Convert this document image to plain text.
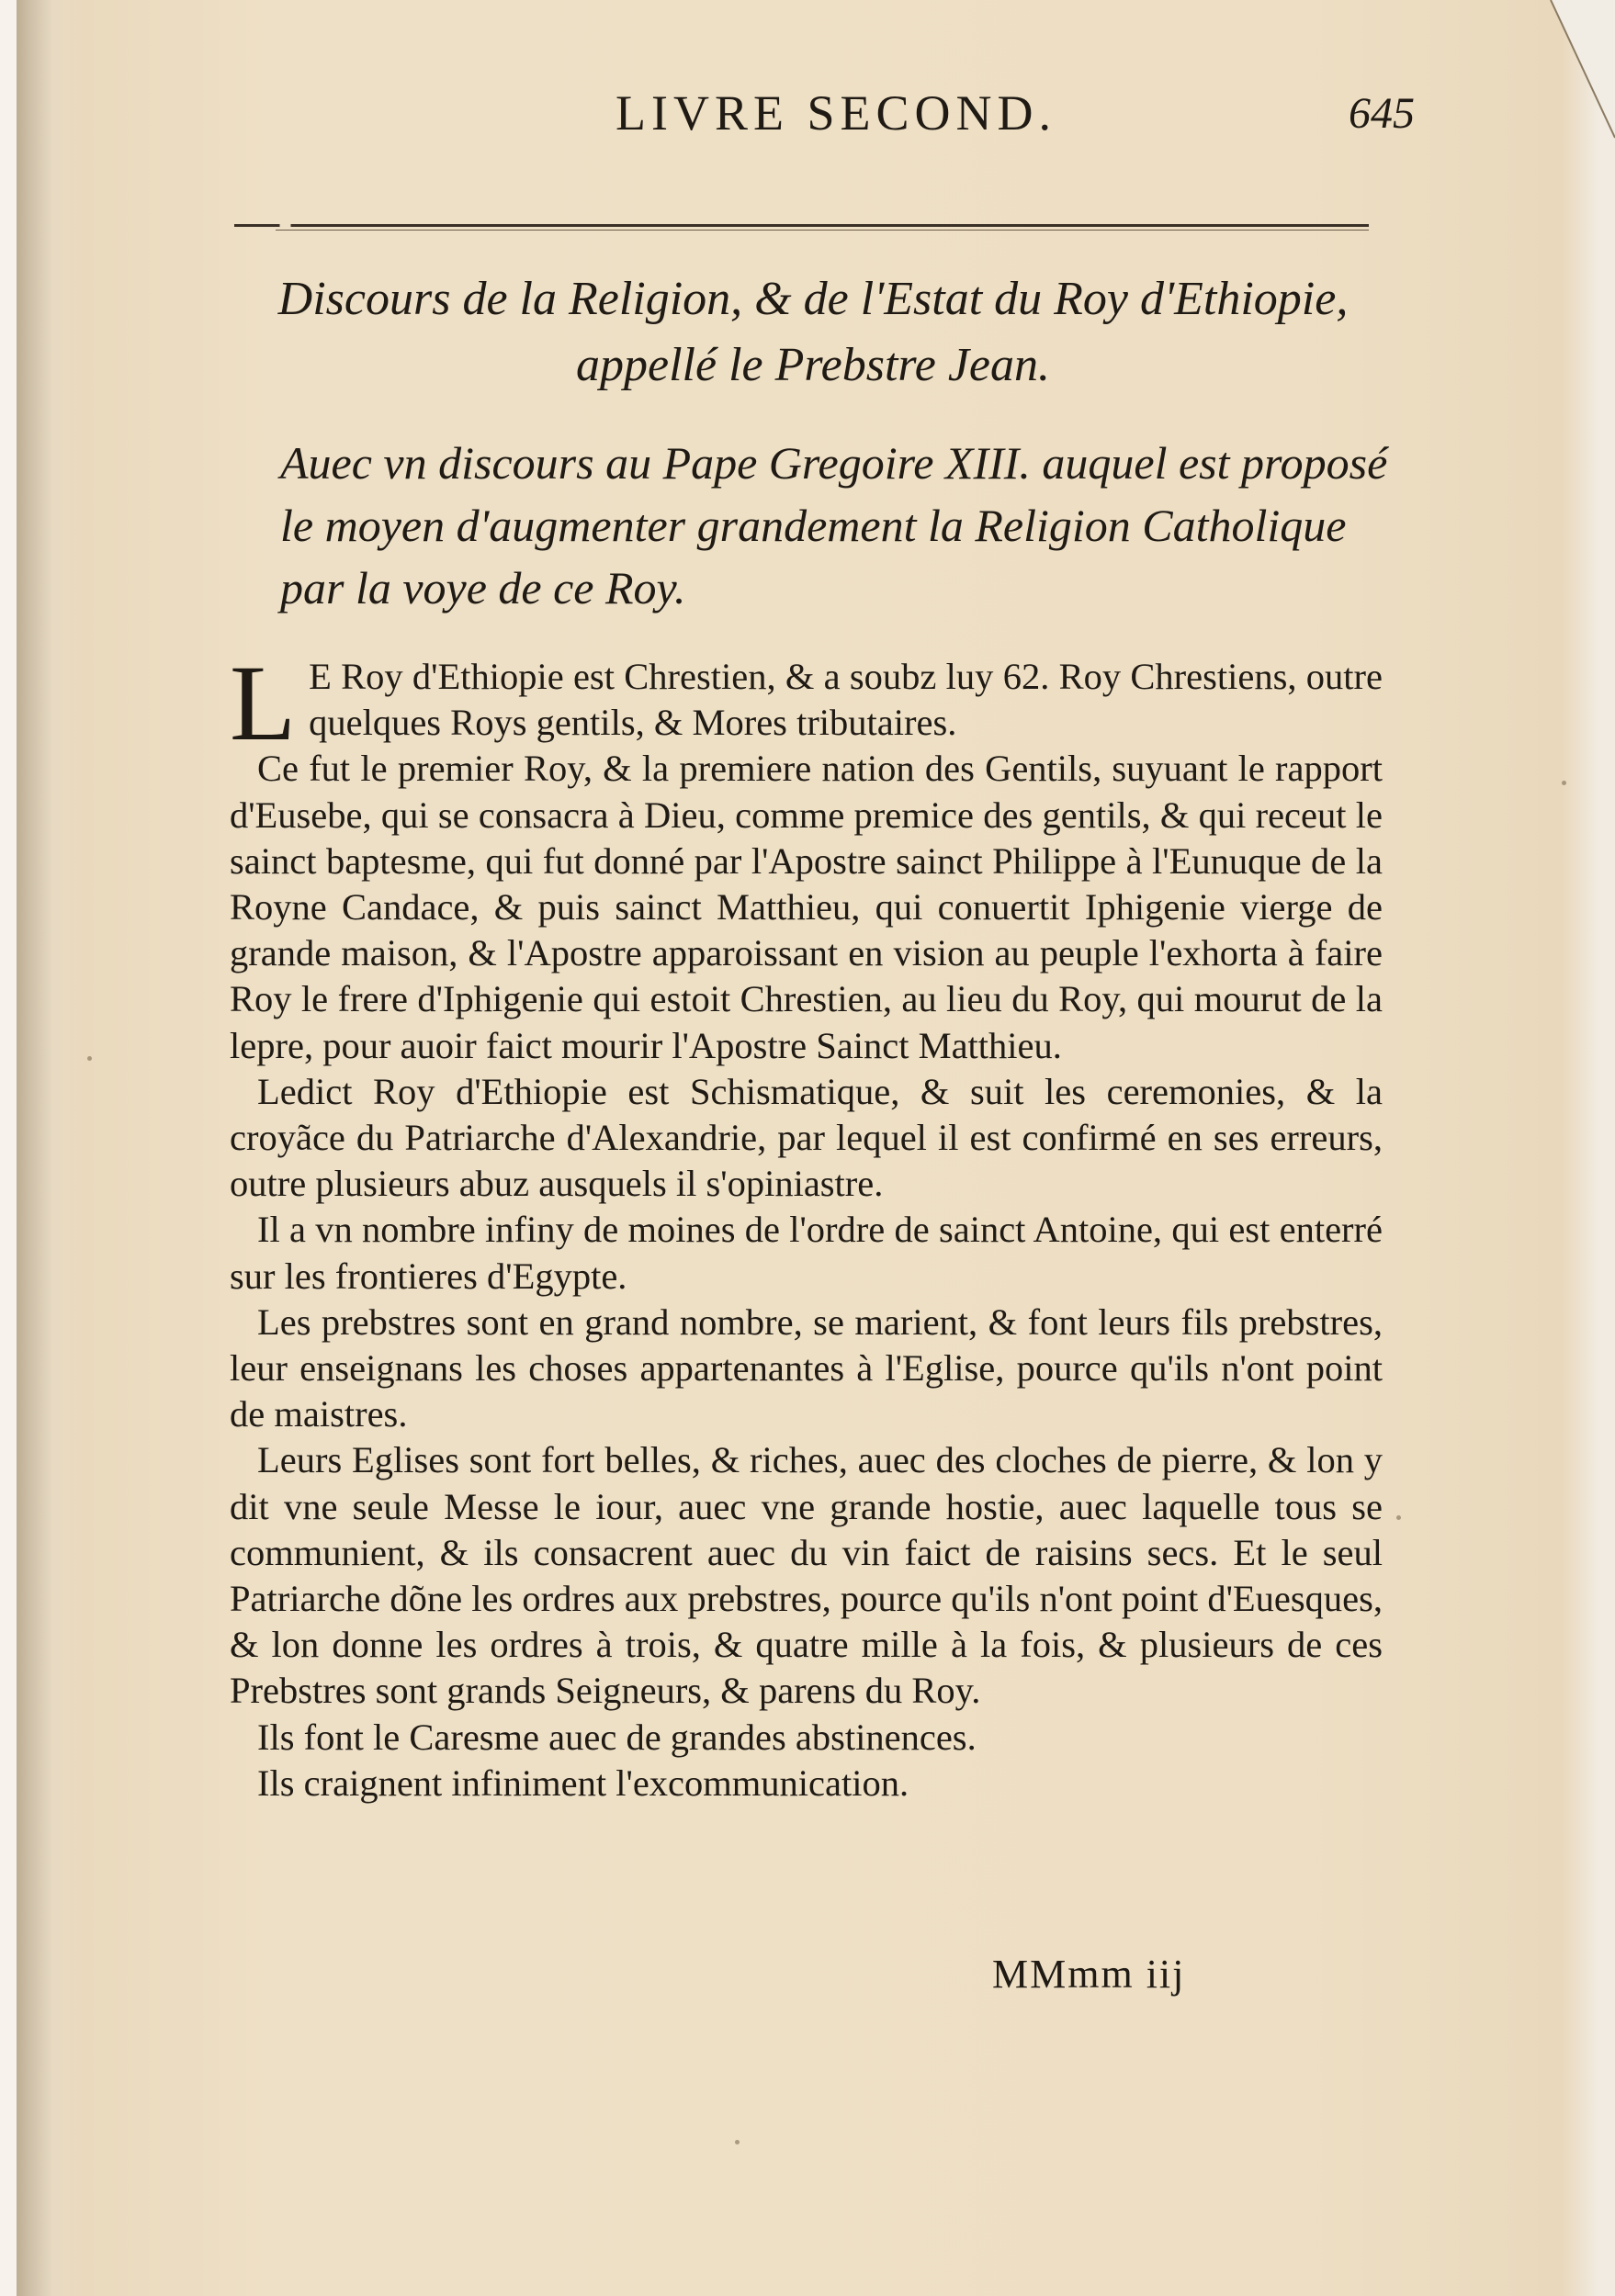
LIVRE SECOND.	645
Discours de la Religion, & de l'Estat du Roy d'Ethiopie,
appellé le Prebstre Jean.
Auec vn discours au Pape Gregoire XIII. auquel est proposé le moyen d'augmenter grandement la Religion Catholique par la voye de ce Roy.

L E Roy d'Ethiopie est Chrestien, & a soubz luy 62. Roy Chrestiens, outre quelques Roys gentils, & Mores tributaires.

Ce fut le premier Roy, & la premiere nation des Gentils, suyuant le rapport d'Eusebe, qui se consacra à Dieu, comme premice des gentils, & qui receut le sainct baptesme, qui fut donné par l'Apostre sainct Philippe à l'Eunuque de la Royne Candace, & puis sainct Matthieu, qui conuertit Iphigenie vierge de grande maison, & l'Apostre apparoissant en vision au peuple l'exhorta à faire Roy le frere d'Iphigenie qui estoit Chrestien, au lieu du Roy, qui mourut de la lepre, pour auoir faict mourir l'Apostre Sainct Matthieu.

Ledict Roy d'Ethiopie est Schismatique, & suit les ceremonies, & la croyãce du Patriarche d'Alexandrie, par lequel il est confirmé en ses erreurs, outre plusieurs abuz ausquels il s'opiniastre.

Il a vn nombre infiny de moines de l'ordre de sainct Antoine, qui est enterré sur les frontieres d'Egypte.

Les prebstres sont en grand nombre, se marient, & font leurs fils prebstres, leur enseignans les choses appartenantes à l'Eglise, pource qu'ils n'ont point de maistres.

Leurs Eglises sont fort belles, & riches, auec des cloches de pierre, & lon y dit vne seule Messe le iour, auec vne grande hostie, auec laquelle tous se communient, & ils consacrent auec du vin faict de raisins secs. Et le seul Patriarche dõne les ordres aux prebstres, pource qu'ils n'ont point d'Euesques, & lon donne les ordres à trois, & quatre mille à la fois, & plusieurs de ces Prebstres sont grands Seigneurs, & parens du Roy.

Ils font le Caresme auec de grandes abstinences.

Ils craignent infiniment l'excommunication.

MMmm iij
